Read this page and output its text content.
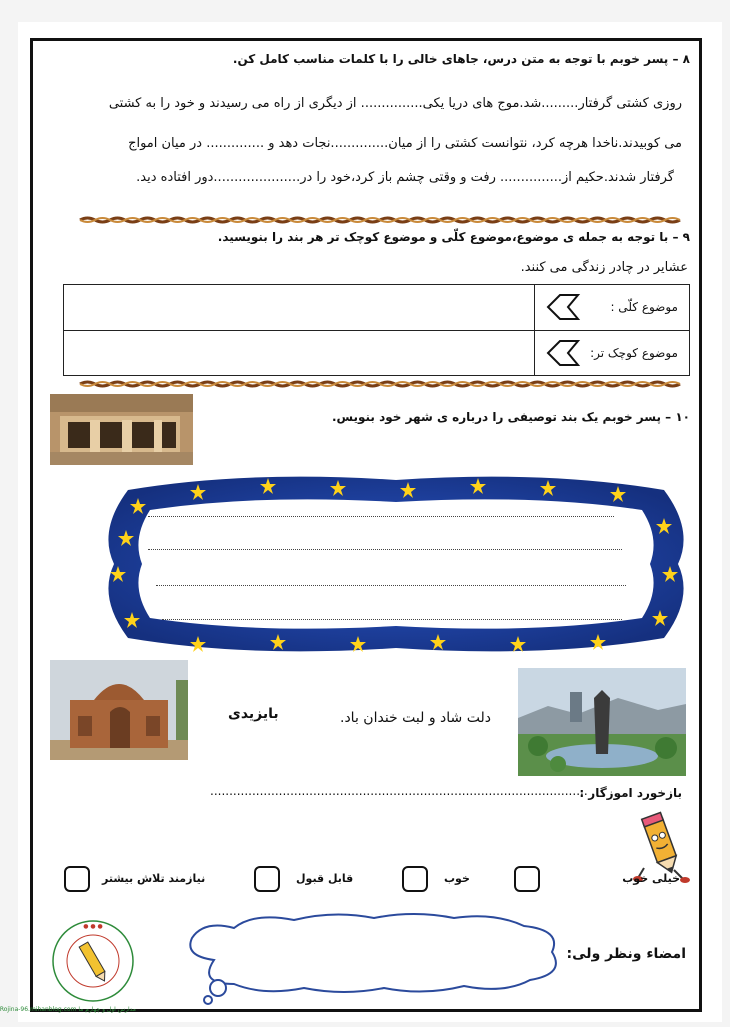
۸ – پسر خوبم با توجه به متن درس، جاهای خالی را با کلمات مناسب کامل کن.
روزی کشتی گرفتار.........شد.موج های دریا یکی............... از دیگری از راه می رسیدند و خود را به کشتی
می کوبیدند.ناخدا هرچه کرد، نتوانست کشتی را از میان..............نجات دهد و .............. در میان امواج
گرفتار شدند.حکیم از............... رفت و وقتی چشم باز کرد،خود را در.....................دور افتاده دید.
۹ – با توجه به جمله ی موضوع،موضوع کلّی و موضوع کوچک تر هر بند را بنویسید.
عشایر در چادر زندگی می کنند.
موضوع کلّی :	

موضوع کوچک تر:	

۱۰ – پسر خوبم یک بند توصیفی را درباره ی شهر خود بنویس.
بایزیدی	دلت شاد و لبت خندان باد.
بازخورد اموزگار :
...................................................................................................
خیلی خوب
خوب
قابل قبول
نیازمند تلاش بیشتر
● ● ●
مدارس اول و چهارم ما Rojina-96.mihanblog.com
امضاء ونظر ولی:
